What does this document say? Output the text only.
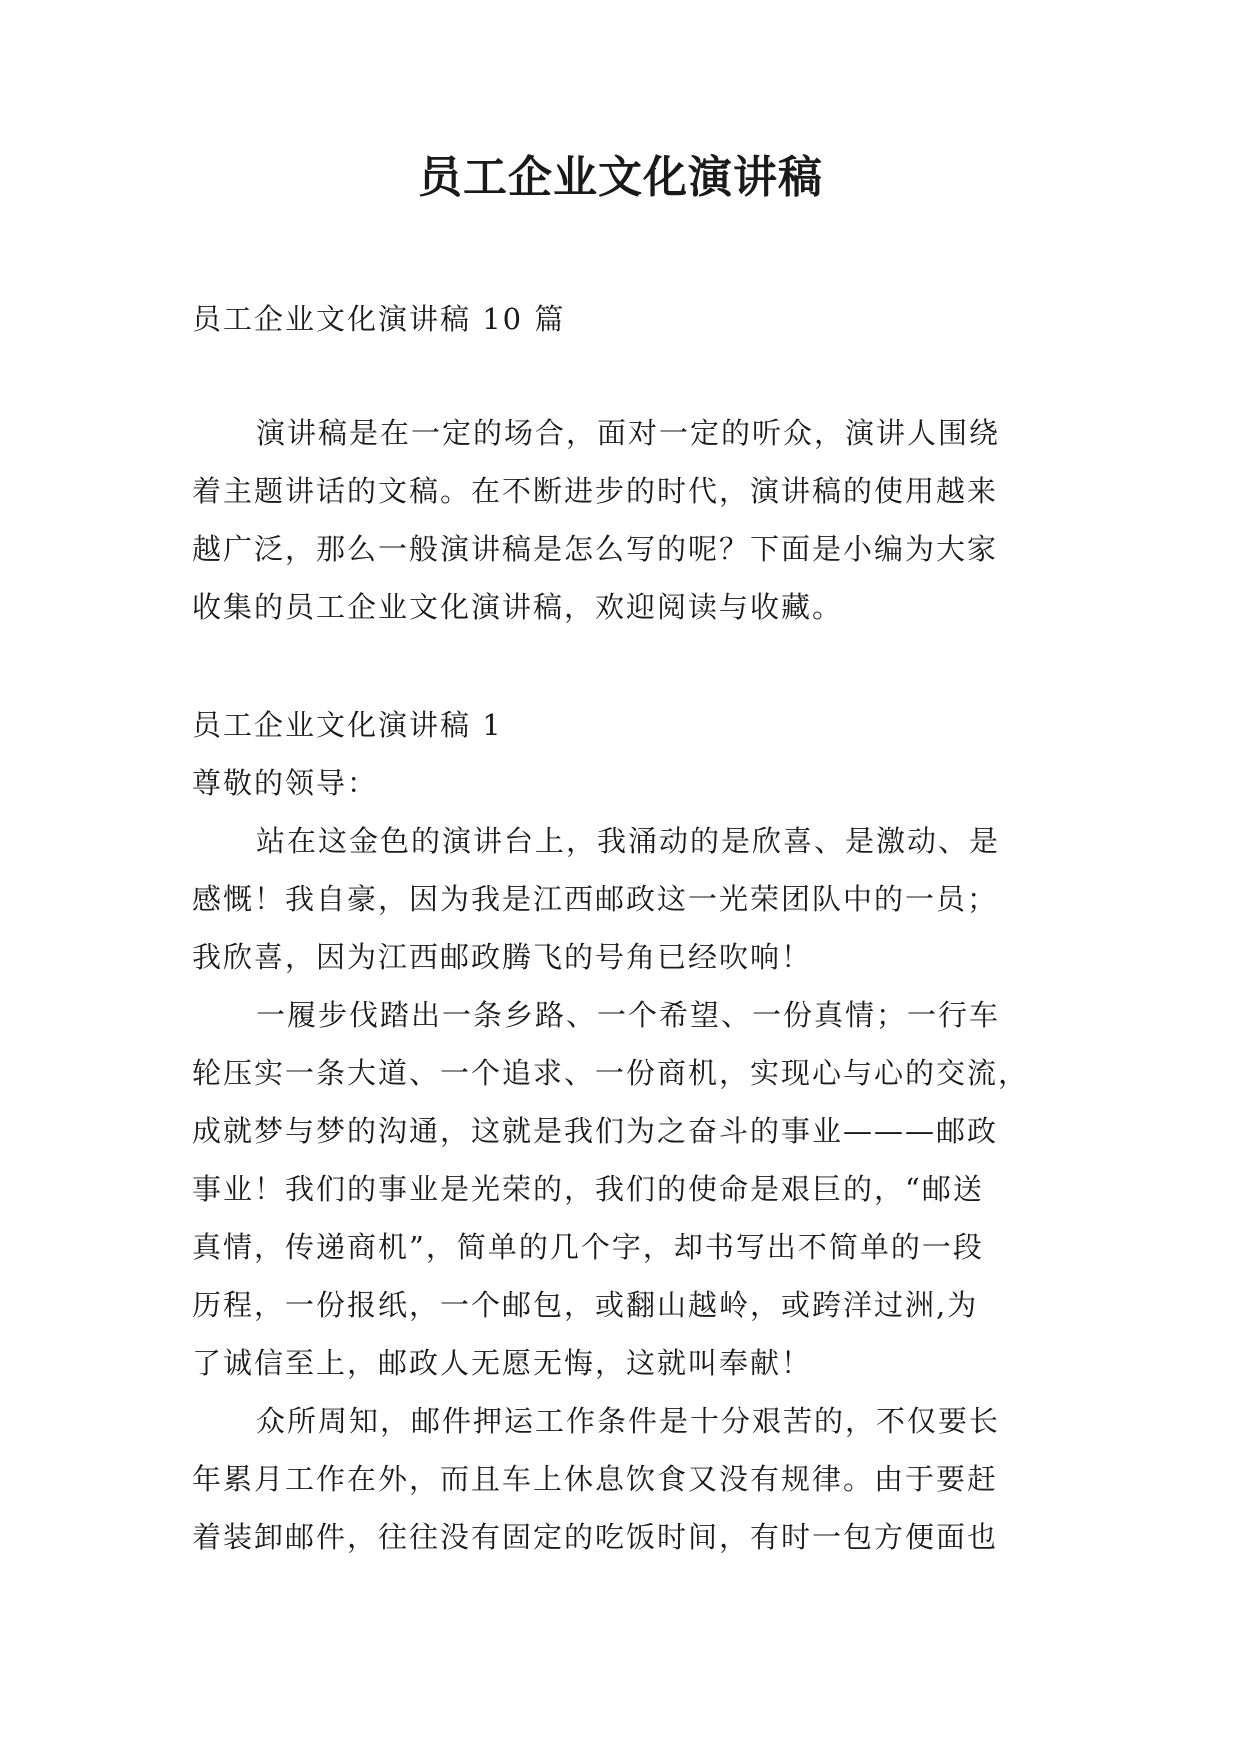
员工企业文化演讲稿

员工企业文化演讲稿 10 篇

演讲稿是在一定的场合，面对一定的听众，演讲人围绕
着主题讲话的文稿。在不断进步的时代，演讲稿的使用越来
越广泛，那么一般演讲稿是怎么写的呢？下面是小编为大家
收集的员工企业文化演讲稿，欢迎阅读与收藏。

员工企业文化演讲稿 1

尊敬的领导：

站在这金色的演讲台上，我涌动的是欣喜、是激动、是
感慨！我自豪，因为我是江西邮政这一光荣团队中的一员；
我欣喜，因为江西邮政腾飞的号角已经吹响！
一履步伐踏出一条乡路、一个希望、一份真情；一行车
轮压实一条大道、一个追求、一份商机，实现心与心的交流，
成就梦与梦的沟通，这就是我们为之奋斗的事业———邮政
事业！我们的事业是光荣的，我们的使命是艰巨的，“邮送
真情，传递商机”，简单的几个字，却书写出不简单的一段
历程，一份报纸，一个邮包，或翻山越岭，或跨洋过洲,为
了诚信至上，邮政人无愿无悔，这就叫奉献！
众所周知，邮件押运工作条件是十分艰苦的，不仅要长
年累月工作在外，而且车上休息饮食又没有规律。由于要赶
着装卸邮件，往往没有固定的吃饭时间，有时一包方便面也
